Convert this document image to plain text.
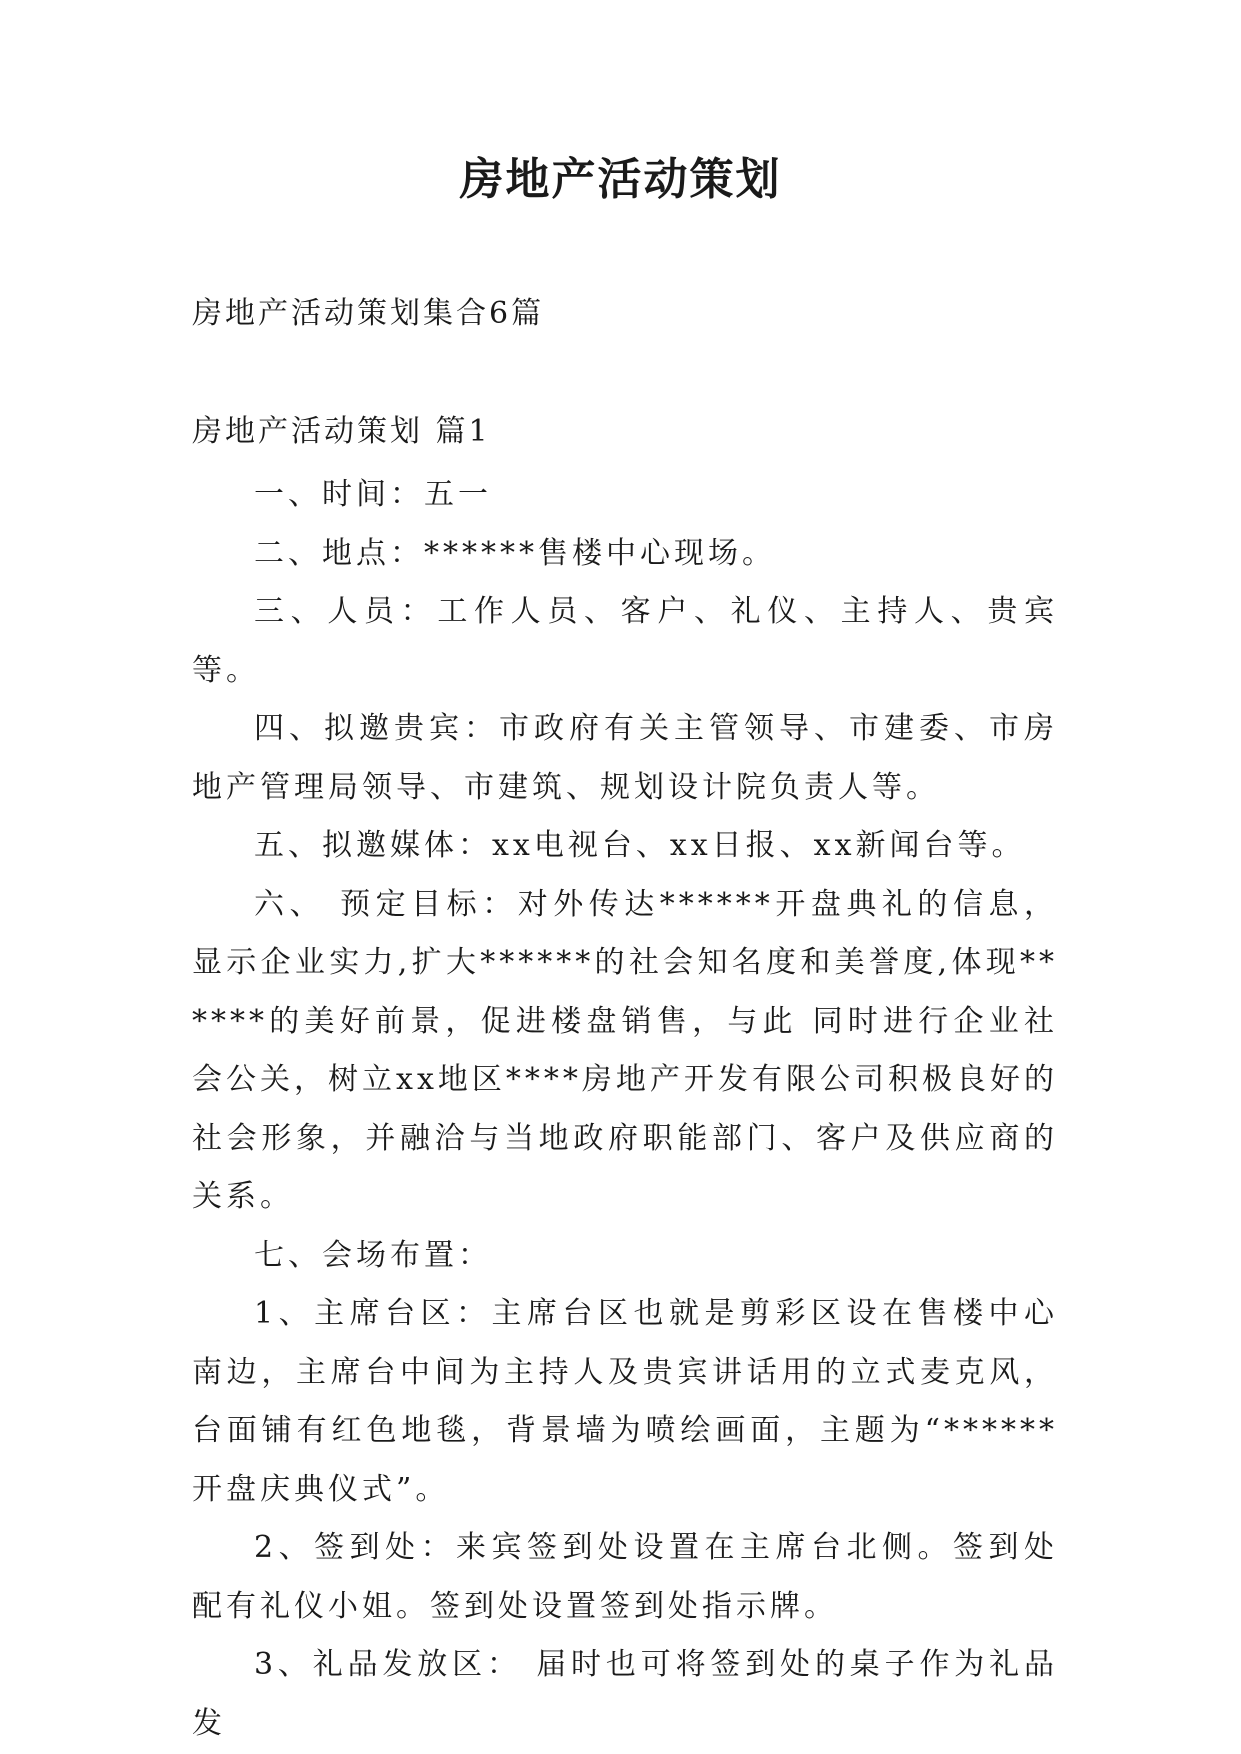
房地产活动策划
房地产活动策划集合6篇
房地产活动策划 篇1

一、时间：五一

二、地点：******售楼中心现场。

三、人员：工作人员、客户、礼仪、主持人、贵宾等。

四、拟邀贵宾：市政府有关主管领导、市建委、市房地产管理局领导、市建筑、规划设计院负责人等。

五、拟邀媒体：xx电视台、xx日报、xx新闻台等。

六、 预定目标：对外传达******开盘典礼的信息，显示企业实力,扩大******的社会知名度和美誉度,体现******的美好前景，促进楼盘销售，与此 同时进行企业社会公关，树立xx地区****房地产开发有限公司积极良好的社会形象，并融洽与当地政府职能部门、客户及供应商的关系。

七、会场布置：

1、主席台区：主席台区也就是剪彩区设在售楼中心南边，主席台中间为主持人及贵宾讲话用的立式麦克风，台面铺有红色地毯，背景墙为喷绘画面，主题为“******开盘庆典仪式”。

2、签到处：来宾签到处设置在主席台北侧。签到处配有礼仪小姐。签到处设置签到处指示牌。

3、礼品发放区： 届时也可将签到处的桌子作为礼品发
